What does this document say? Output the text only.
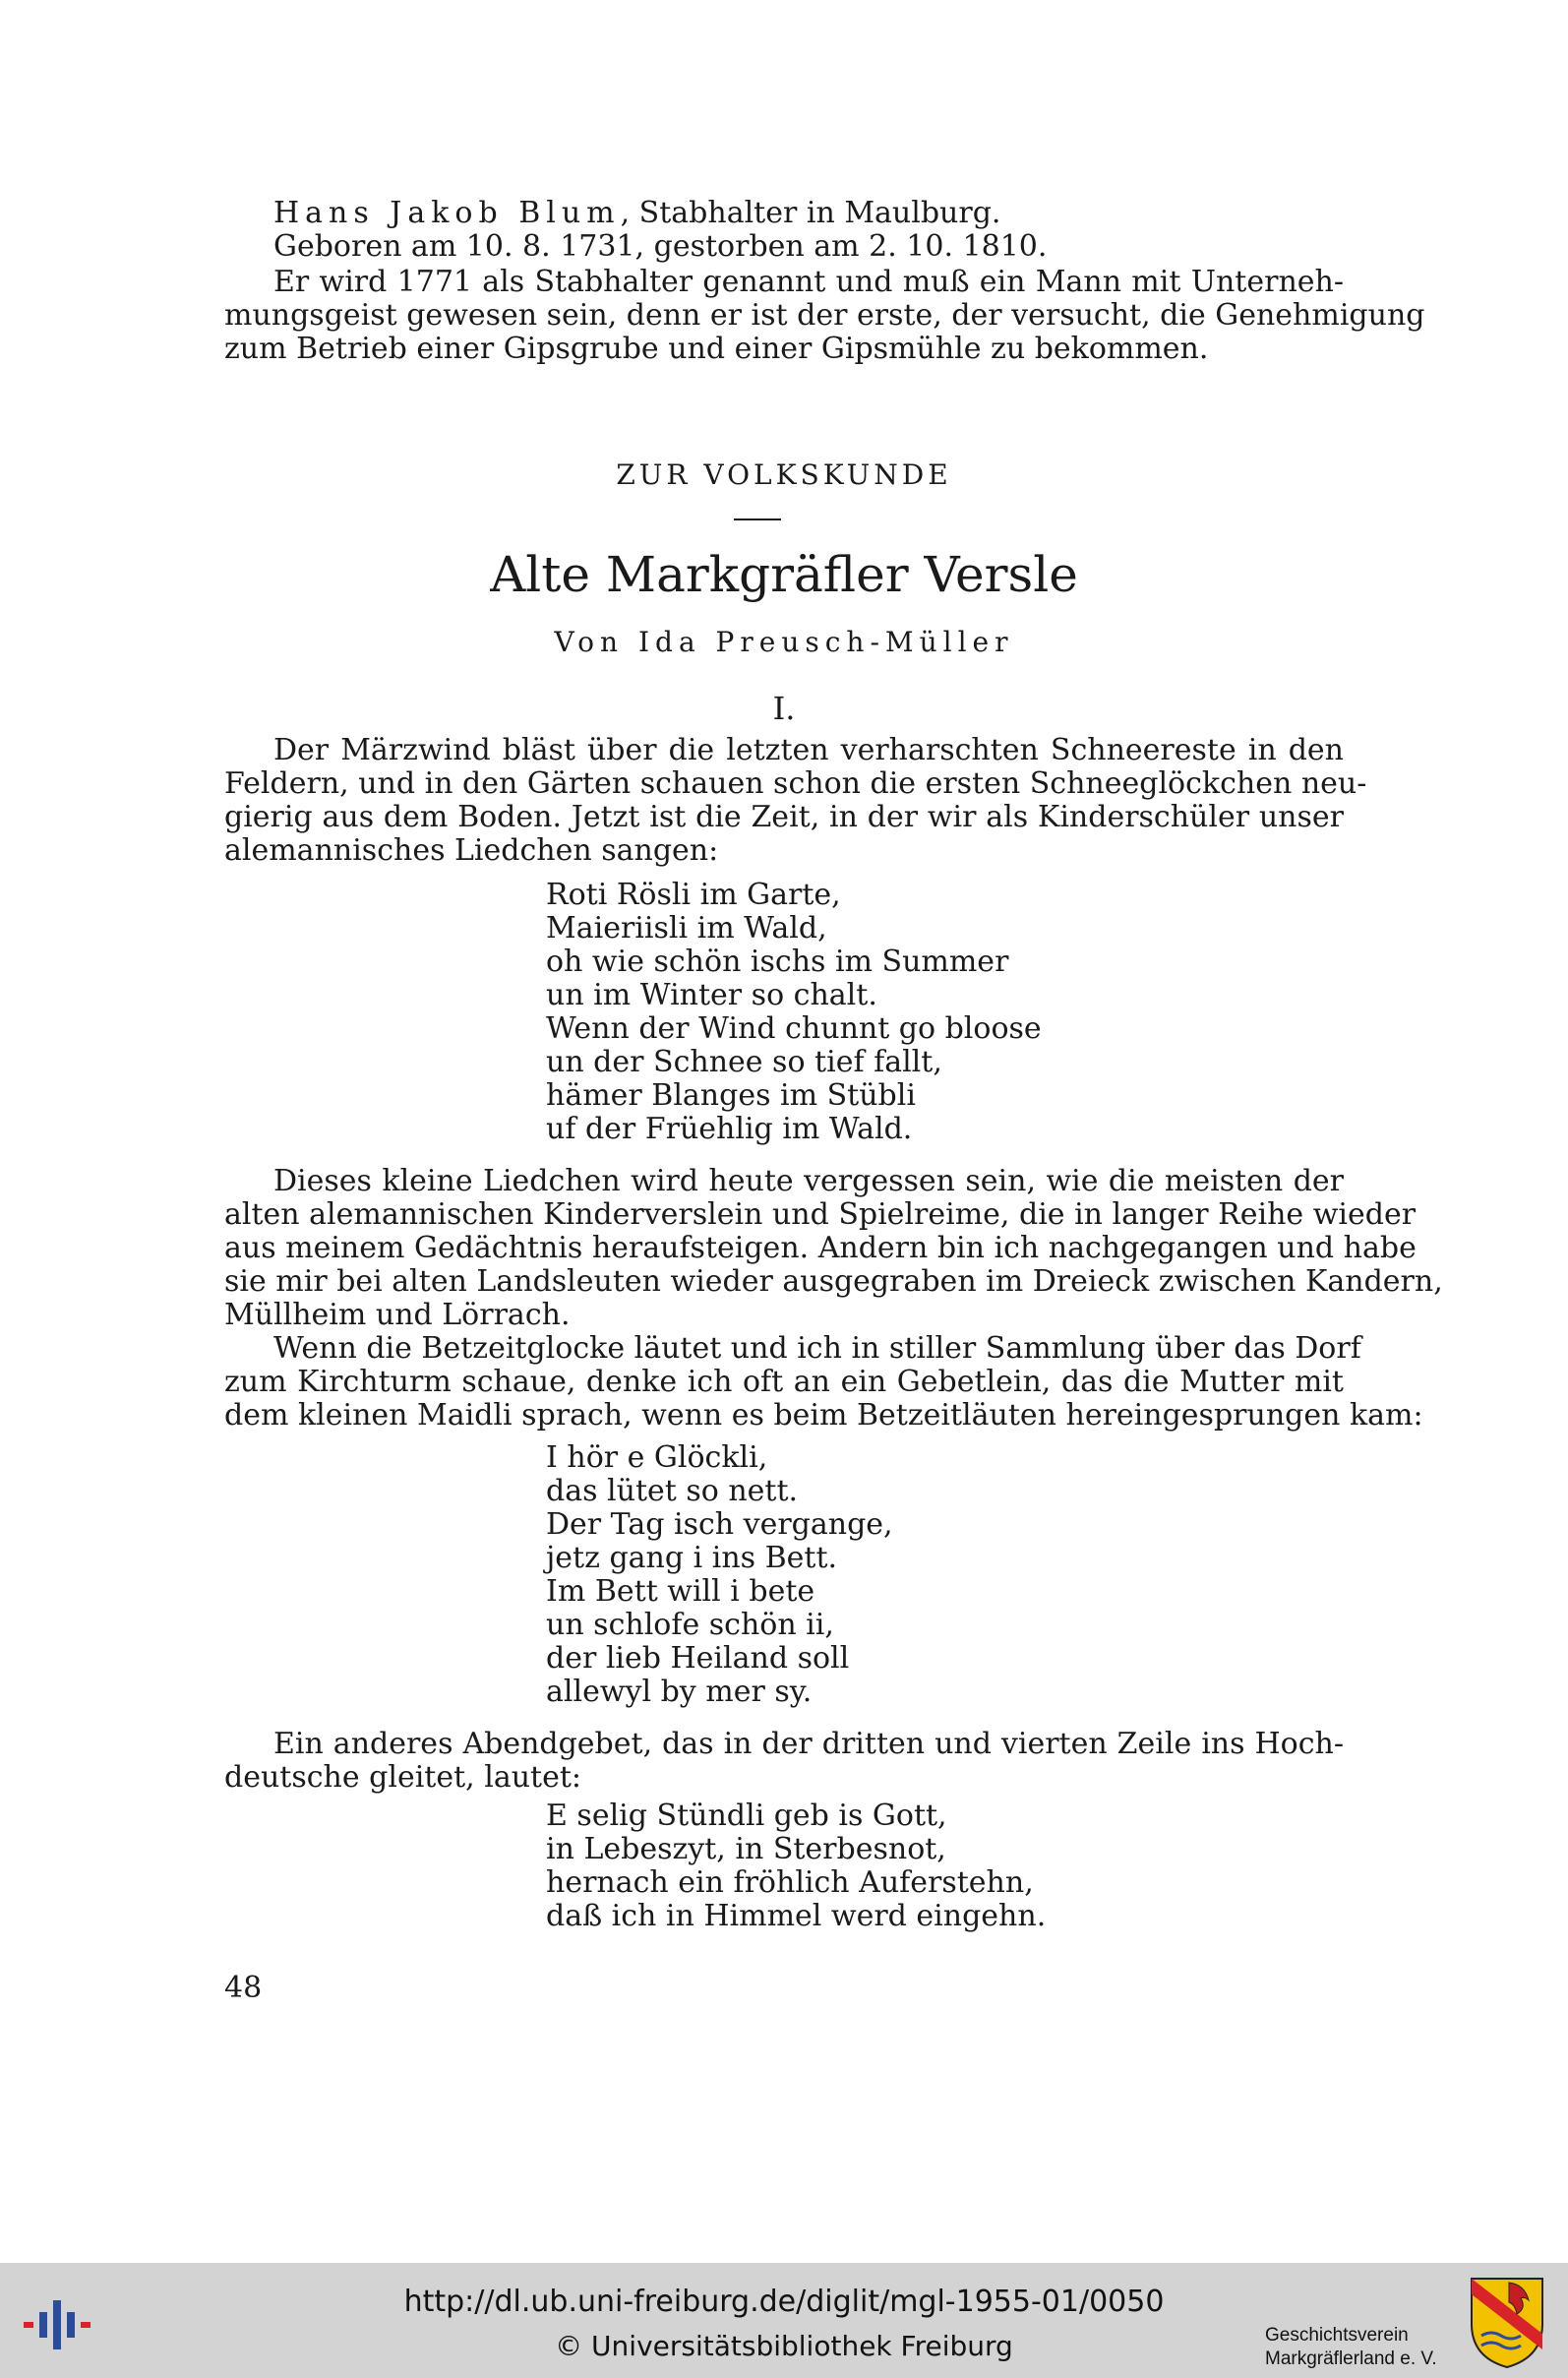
Hans Jakob Blum, Stabhalter in Maulburg.

Geboren am 10. 8. 1731, gestorben am 2. 10. 1810.

Er wird 1771 als Stabhalter genannt und muß ein Mann mit Unterneh-

mungsgeist gewesen sein, denn er ist der erste, der versucht, die Genehmigung

zum Betrieb einer Gipsgrube und einer Gipsmühle zu bekommen.

ZUR VOLKSKUNDE
Alte Markgräfler Versle
Von Ida Preusch-Müller
I.

Der Märzwind bläst über die letzten verharschten Schneereste in den

Feldern, und in den Gärten schauen schon die ersten Schneeglöckchen neu-

gierig aus dem Boden. Jetzt ist die Zeit, in der wir als Kinderschüler unser

alemannisches Liedchen sangen:

Roti Rösli im Garte,

Maieriisli im Wald,

oh wie schön ischs im Summer

un im Winter so chalt.

Wenn der Wind chunnt go bloose

un der Schnee so tief fallt,

hämer Blanges im Stübli

uf der Früehlig im Wald.

Dieses kleine Liedchen wird heute vergessen sein, wie die meisten der

alten alemannischen Kinderverslein und Spielreime, die in langer Reihe wieder

aus meinem Gedächtnis heraufsteigen. Andern bin ich nachgegangen und habe

sie mir bei alten Landsleuten wieder ausgegraben im Dreieck zwischen Kandern,

Müllheim und Lörrach.

Wenn die Betzeitglocke läutet und ich in stiller Sammlung über das Dorf

zum Kirchturm schaue, denke ich oft an ein Gebetlein, das die Mutter mit

dem kleinen Maidli sprach, wenn es beim Betzeitläuten hereingesprungen kam:

I hör e Glöckli,

das lütet so nett.

Der Tag isch vergange,

jetz gang i ins Bett.

Im Bett will i bete

un schlofe schön ii,

der lieb Heiland soll

allewyl by mer sy.

Ein anderes Abendgebet, das in der dritten und vierten Zeile ins Hoch-

deutsche gleitet, lautet:

E selig Stündli geb is Gott,

in Lebeszyt, in Sterbesnot,

hernach ein fröhlich Auferstehn,

daß ich in Himmel werd eingehn.

48
http://dl.ub.uni-freiburg.de/diglit/mgl-1955-01/0050
© Universitätsbibliothek Freiburg	Geschichtsverein
Markgräflerland e. V.
